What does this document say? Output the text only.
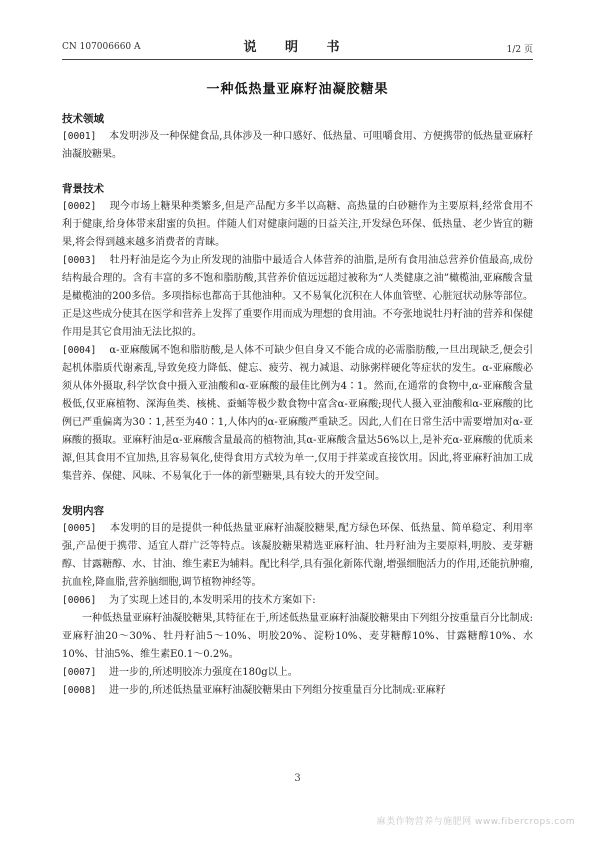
CN 107006660 A	说 明 书	1/2 页
一种低热量亚麻籽油凝胶糖果

技术领域

[0001] 本发明涉及一种保健食品,具体涉及一种口感好、低热量、可咀嚼食用、方便携带的低热量亚麻籽油凝胶糖果。

背景技术

[0002] 现今市场上糖果种类繁多,但是产品配方多半以高糖、高热量的白砂糖作为主要原料,经常食用不利于健康,给身体带来甜蜜的负担。伴随人们对健康问题的日益关注,开发绿色环保、低热量、老少皆宜的糖果,将会得到越来越多消费者的青睐。

[0003] 牡丹籽油是迄今为止所发现的油脂中最适合人体营养的油脂,是所有食用油总营养价值最高,成份结构最合理的。含有丰富的多不饱和脂肪酸,其营养价值远远超过被称为“人类健康之油”橄榄油,亚麻酸含量是橄榄油的200多倍。多项指标也都高于其他油种。又不易氧化沉积在人体血管壁、心脏冠状动脉等部位。正是这些成分使其在医学和营养上发挥了重要作用而成为理想的食用油。不夸张地说牡丹籽油的营养和保健作用是其它食用油无法比拟的。

[0004] α-亚麻酸属不饱和脂肪酸,是人体不可缺少但自身又不能合成的必需脂肪酸,一旦出现缺乏,便会引起机体脂质代谢紊乱,导致免疫力降低、健忘、疲劳、视力减退、动脉粥样硬化等症状的发生。α-亚麻酸必须从体外摄取,科学饮食中摄入亚油酸和α-亚麻酸的最佳比例为4∶1。然而,在通常的食物中,α-亚麻酸含量极低,仅亚麻植物、深海鱼类、核桃、蚕蛹等极少数食物中富含α-亚麻酸;现代人摄入亚油酸和α-亚麻酸的比例已严重偏离为30∶1,甚至为40∶1,人体内的α-亚麻酸严重缺乏。因此,人们在日常生活中需要增加对α-亚麻酸的摄取。亚麻籽油是α-亚麻酸含量最高的植物油,其α-亚麻酸含量达56%以上,是补充α-亚麻酸的优质来源,但其食用不宜加热,且容易氧化,使得食用方式较为单一,仅用于拌菜或直接饮用。因此,将亚麻籽油加工成集营养、保健、风味、不易氧化于一体的新型糖果,具有较大的开发空间。

发明内容

[0005] 本发明的目的是提供一种低热量亚麻籽油凝胶糖果,配方绿色环保、低热量、简单稳定、利用率强,产品便于携带、适宜人群广泛等特点。该凝胶糖果精选亚麻籽油、牡丹籽油为主要原料,明胶、麦芽糖醇、甘露糖醇、水、甘油、维生素E为辅料。配比科学,具有强化新陈代谢,增强细胞活力的作用,还能抗肿瘤,抗血栓,降血脂,营养脑细胞,调节植物神经等。

[0006] 为了实现上述目的,本发明采用的技术方案如下:

一种低热量亚麻籽油凝胶糖果,其特征在于,所述低热量亚麻籽油凝胶糖果由下列组分按重量百分比制成:亚麻籽油20～30%、牡丹籽油5～10%、明胶20%、淀粉10%、麦芽糖醇10%、甘露糖醇10%、水10%、甘油5%、维生素E0.1～0.2%。

[0007] 进一步的,所述明胶冻力强度在180g以上。

[0008] 进一步的,所述低热量亚麻籽油凝胶糖果由下列组分按重量百分比制成:亚麻籽

3
麻类作物营养与施肥网 www.fibercrops.com
